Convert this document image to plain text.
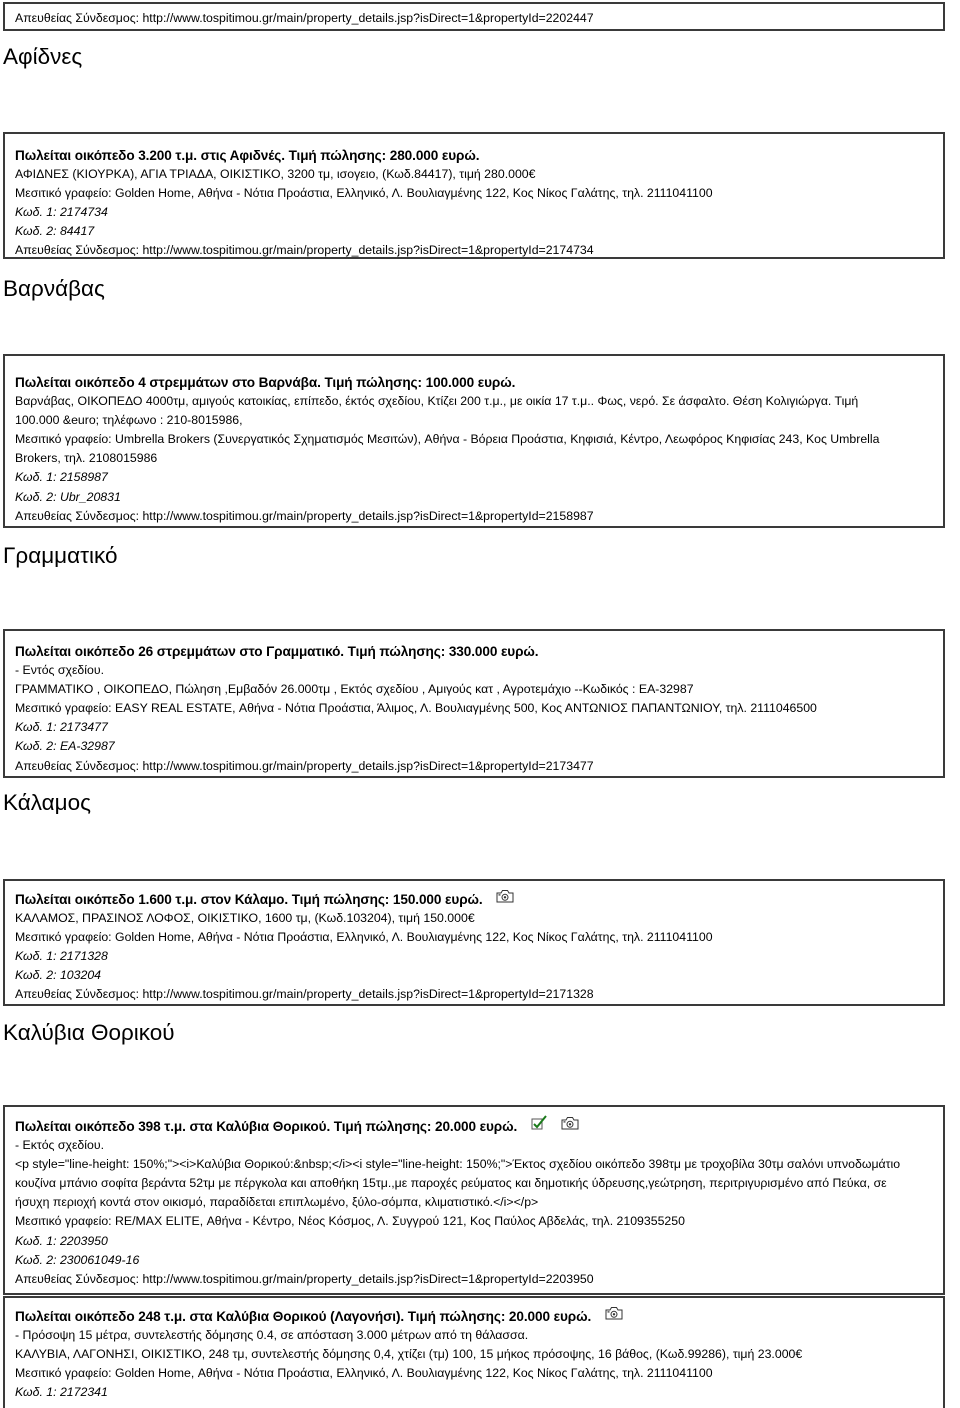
Απευθείας Σύνδεσμος: http://www.tospitimou.gr/main/property_details.jsp?isDirect=1&propertyId=2202447
Αφίδνες
Πωλείται οικόπεδο 3.200 τ.μ. στις Αφιδνές. Τιμή πώλησης: 280.000 ευρώ.
ΑΦΙΔΝΕΣ (ΚΙΟΥΡΚΑ), ΑΓΙΑ ΤΡΙΑΔΑ, ΟΙΚΙΣΤΙΚΟ, 3200 τμ, ισογειο, (Κωδ.84417), τιμή 280.000€
Μεσιτικό γραφείο: Golden Home, Αθήνα - Νότια Προάστια, Ελληνικό, Λ. Βουλιαγμένης 122, Κος Νίκος Γαλάτης, τηλ. 2111041100
Κωδ. 1: 2174734
Κωδ. 2: 84417
Απευθείας Σύνδεσμος: http://www.tospitimou.gr/main/property_details.jsp?isDirect=1&propertyId=2174734
Βαρνάβας
Πωλείται οικόπεδο 4 στρεμμάτων στο Βαρνάβα. Τιμή πώλησης: 100.000 ευρώ.
Βαρνάβας, ΟΙΚΟΠΕΔΟ 4000τμ, αμιγούς κατοικίας, επίπεδο, έκτός σχεδίου, Κτίζει 200 τ.μ., με οικία 17 τ.μ.. Φως, νερό. Σε άσφαλτο. Θέση Κολιγιώργα. Τιμή
100.000 &euro; τηλέφωνο : 210-8015986,
Μεσιτικό γραφείο: Umbrella Brokers (Συνεργατικός Σχηματισμός Μεσιτών), Αθήνα - Βόρεια Προάστια, Κηφισιά, Κέντρο, Λεωφόρος Κηφισίας 243, Κος Umbrella
Brokers, τηλ. 2108015986
Κωδ. 1: 2158987
Κωδ. 2: Ubr_20831
Απευθείας Σύνδεσμος: http://www.tospitimou.gr/main/property_details.jsp?isDirect=1&propertyId=2158987
Γραμματικό
Πωλείται οικόπεδο 26 στρεμμάτων στο Γραμματικό. Τιμή πώλησης: 330.000 ευρώ.
- Εντός σχεδίου.
ΓΡΑΜΜΑΤΙΚΟ , ΟΙΚΟΠΕΔΟ, Πώληση ,Εμβαδόν 26.000τμ , Εκτός σχεδίου , Αμιγούς κατ , Αγροτεμάχιο --Κωδικός : ΕΑ-32987
Μεσιτικό γραφείο: EASY REAL ESTATE, Αθήνα - Νότια Προάστια, Άλιμος, Λ. Βουλιαγμένης 500, Κος ΑΝΤΩΝΙΟΣ ΠΑΠΑΝΤΩΝΙΟΥ, τηλ. 2111046500
Κωδ. 1: 2173477
Κωδ. 2: ΕΑ-32987
Απευθείας Σύνδεσμος: http://www.tospitimou.gr/main/property_details.jsp?isDirect=1&propertyId=2173477
Κάλαμος
Πωλείται οικόπεδο 1.600 τ.μ. στον Κάλαμο. Τιμή πώλησης: 150.000 ευρώ.
ΚΑΛΑΜΟΣ, ΠΡΑΣΙΝΟΣ ΛΟΦΟΣ, ΟΙΚΙΣΤΙΚΟ, 1600 τμ, (Κωδ.103204), τιμή 150.000€
Μεσιτικό γραφείο: Golden Home, Αθήνα - Νότια Προάστια, Ελληνικό, Λ. Βουλιαγμένης 122, Κος Νίκος Γαλάτης, τηλ. 2111041100
Κωδ. 1: 2171328
Κωδ. 2: 103204
Απευθείας Σύνδεσμος: http://www.tospitimou.gr/main/property_details.jsp?isDirect=1&propertyId=2171328
Καλύβια Θορικού
Πωλείται οικόπεδο 398 τ.μ. στα Καλύβια Θορικού. Τιμή πώλησης: 20.000 ευρώ.
- Εκτός σχεδίου.
<p style="line-height: 150%;"><i>Καλύβια Θορικού:&nbsp;</i><i style="line-height: 150%;">Έκτος σχεδίου οικόπεδο 398τμ με τροχοβίλα 30τμ σαλόνι υπνοδωμάτιο
κουζίνα μπάνιο σοφίτα βεράντα 52τμ με πέργκολα και αποθήκη 15τμ.,με παροχές ρεύματος και δημοτικής ύδρευσης,γεώτρηση, περιτριγυρισμένο από Πεύκα, σε
ήσυχη περιοχή κοντά στον οικισμό, παραδίδεται επιπλωμένο, ξύλο-σόμπα, κλιματιστικό.</i></p>
Μεσιτικό γραφείο: RE/MAX ELITE, Αθήνα - Κέντρο, Νέος Κόσμος, Λ. Συγγρού 121, Κος Παύλος Αβδελάς, τηλ. 2109355250
Κωδ. 1: 2203950
Κωδ. 2: 230061049-16
Απευθείας Σύνδεσμος: http://www.tospitimou.gr/main/property_details.jsp?isDirect=1&propertyId=2203950
Πωλείται οικόπεδο 248 τ.μ. στα Καλύβια Θορικού (Λαγονήσι). Τιμή πώλησης: 20.000 ευρώ.
- Πρόσοψη 15 μέτρα, συντελεστής δόμησης 0.4, σε απόσταση 3.000 μέτρων από τη θάλασσα.
ΚΑΛΥΒΙΑ, ΛΑΓΟΝΗΣΙ, ΟΙΚΙΣΤΙΚΟ, 248 τμ, συντελεστής δόμησης 0,4, χτίζει (τμ) 100, 15 μήκος πρόσοψης, 16 βάθος, (Κωδ.99286), τιμή 23.000€
Μεσιτικό γραφείο: Golden Home, Αθήνα - Νότια Προάστια, Ελληνικό, Λ. Βουλιαγμένης 122, Κος Νίκος Γαλάτης, τηλ. 2111041100
Κωδ. 1: 2172341
